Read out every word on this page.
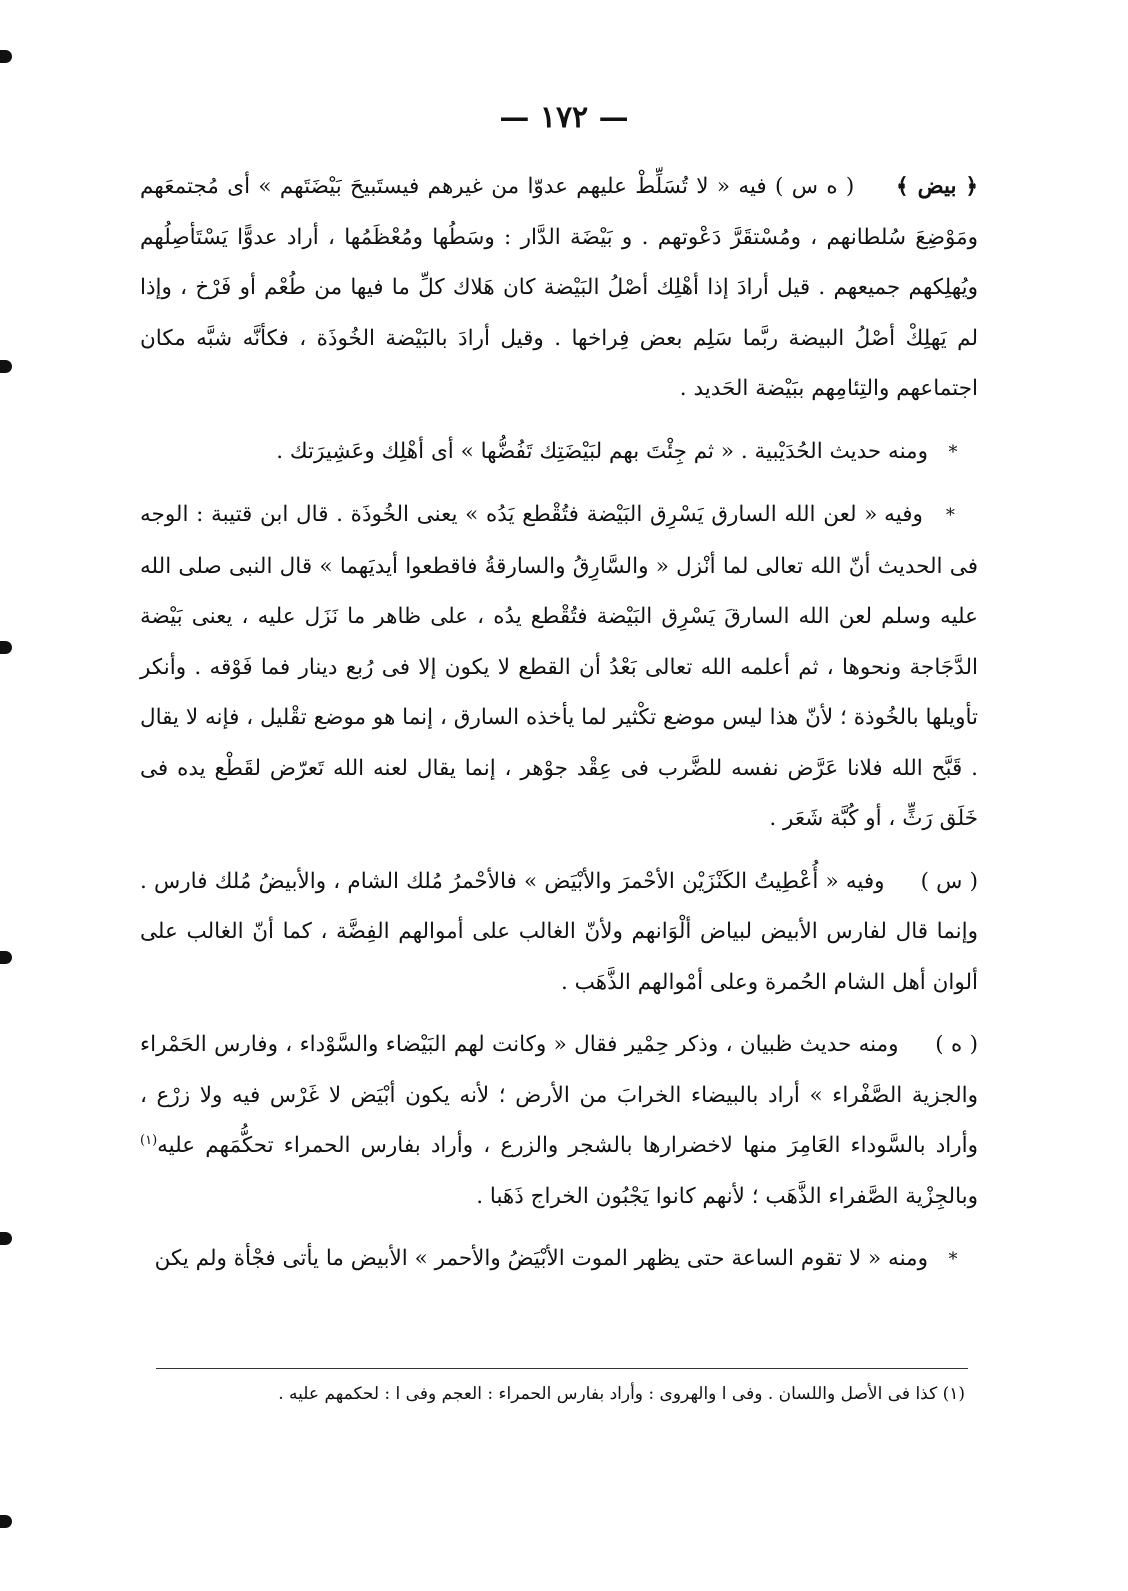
— ١٧٢ —

﴿ بيض ﴾     ( ه س ) فيه « لا تُسَلِّطْ عليهم عدوّا من غيرهم فيستَبيحَ بَيْضَتَهم » أى مُجتمعَهم ومَوْضِعَ سُلطانهم ، ومُسْتقَرَّ دَعْوتهم . و بَيْضَة الدَّار : وسَطُها ومُعْظَمُها ، أراد عدوًّا يَسْتَأصِلُهم ويُهلِكهم جميعهم . قيل أرادَ إذا أهْلِك أصْلُ البَيْضة كان هَلاك كلِّ ما فيها من طُعْم أو فَرْخ ، وإذا لم يَهلِكْ أصْلُ البيضة ربَّما سَلِم بعض فِراخها . وقيل أرادَ بالبَيْضة الخُوذَة ، فكأنَّه شبَّه مكان اجتماعهم والتِئامِهم ببَيْضة الحَديد .

*   ومنه حديث الحُدَيْبية . « ثم جِئْتَ بهم لبَيْضَتِك تَفُضُّها » أى أهْلِك وعَشِيرَتك .

*   وفيه « لعن الله السارق يَسْرِق البَيْضة فتُقْطع يَدُه » يعنى الخُوذَة . قال ابن قتيبة : الوجه فى الحديث أنّ الله تعالى لما أنْزل « والسَّارِقُ والسارقةُ فاقطعوا أيديَهما » قال النبى صلى الله عليه وسلم لعن الله السارقَ يَسْرِق البَيْضة فتُقْطع يدُه ، على ظاهر ما نَزَل عليه ، يعنى بَيْضة الدَّجَاجة ونحوها ، ثم أعلمه الله تعالى بَعْدُ أن القطع لا يكون إلا فى رُبع دينار فما فَوْقه . وأنكر تأويلها بالخُوذة ؛ لأنّ هذا ليس موضع تكْثير لما يأخذه السارق ، إنما هو موضع تقْليل ، فإنه لا يقال . قَبَّح الله فلانا عَرَّض نفسه للضَّرب فى عِقْد جوْهر ، إنما يقال لعنه الله تَعرّض لقَطْع يده فى خَلَق رَثٍّ ، أو كُبَّة شَعَر .

( س )     وفيه « أُعْطِيتُ الكَنْزَيْن الأحْمرَ والأبْيَض » فالأحْمرُ مُلك الشام ، والأبيضُ مُلك فارس . وإنما قال لفارس الأبيض لبياض ألْوَانهم ولأنّ الغالب على أموالهم الفِضَّة ، كما أنّ الغالب على ألوان أهل الشام الحُمرة وعلى أمْوالهم الذَّهَب .

( ه )     ومنه حديث ظبيان ، وذكر حِمْير فقال « وكانت لهم البَيْضاء والسَّوْداء ، وفارس الحَمْراء والجزية الصَّفْراء » أراد بالبيضاء الخرابَ من الأرض ؛ لأنه يكون أبْيَض لا غَرْس فيه ولا زرْع ، وأراد بالسَّوداء العَامِرَ منها لاخضرارها بالشجر والزرع ، وأراد بفارس الحمراء تحكُّمَهم عليه$^{(١)}$ وبالجِزْية الصَّفراء الذَّهَب ؛ لأنهم كانوا يَجْبُون الخراج ذَهَبا .

*   ومنه « لا تقوم الساعة حتى يظهر الموت الأبْيَضُ والأحمر » الأبيض ما يأتى فجْأة ولم يكن

(١) كذا فى الأصل واللسان . وفى ا والهروى : وأراد بفارس الحمراء : العجم وفى ا : لحكمهم عليه .
